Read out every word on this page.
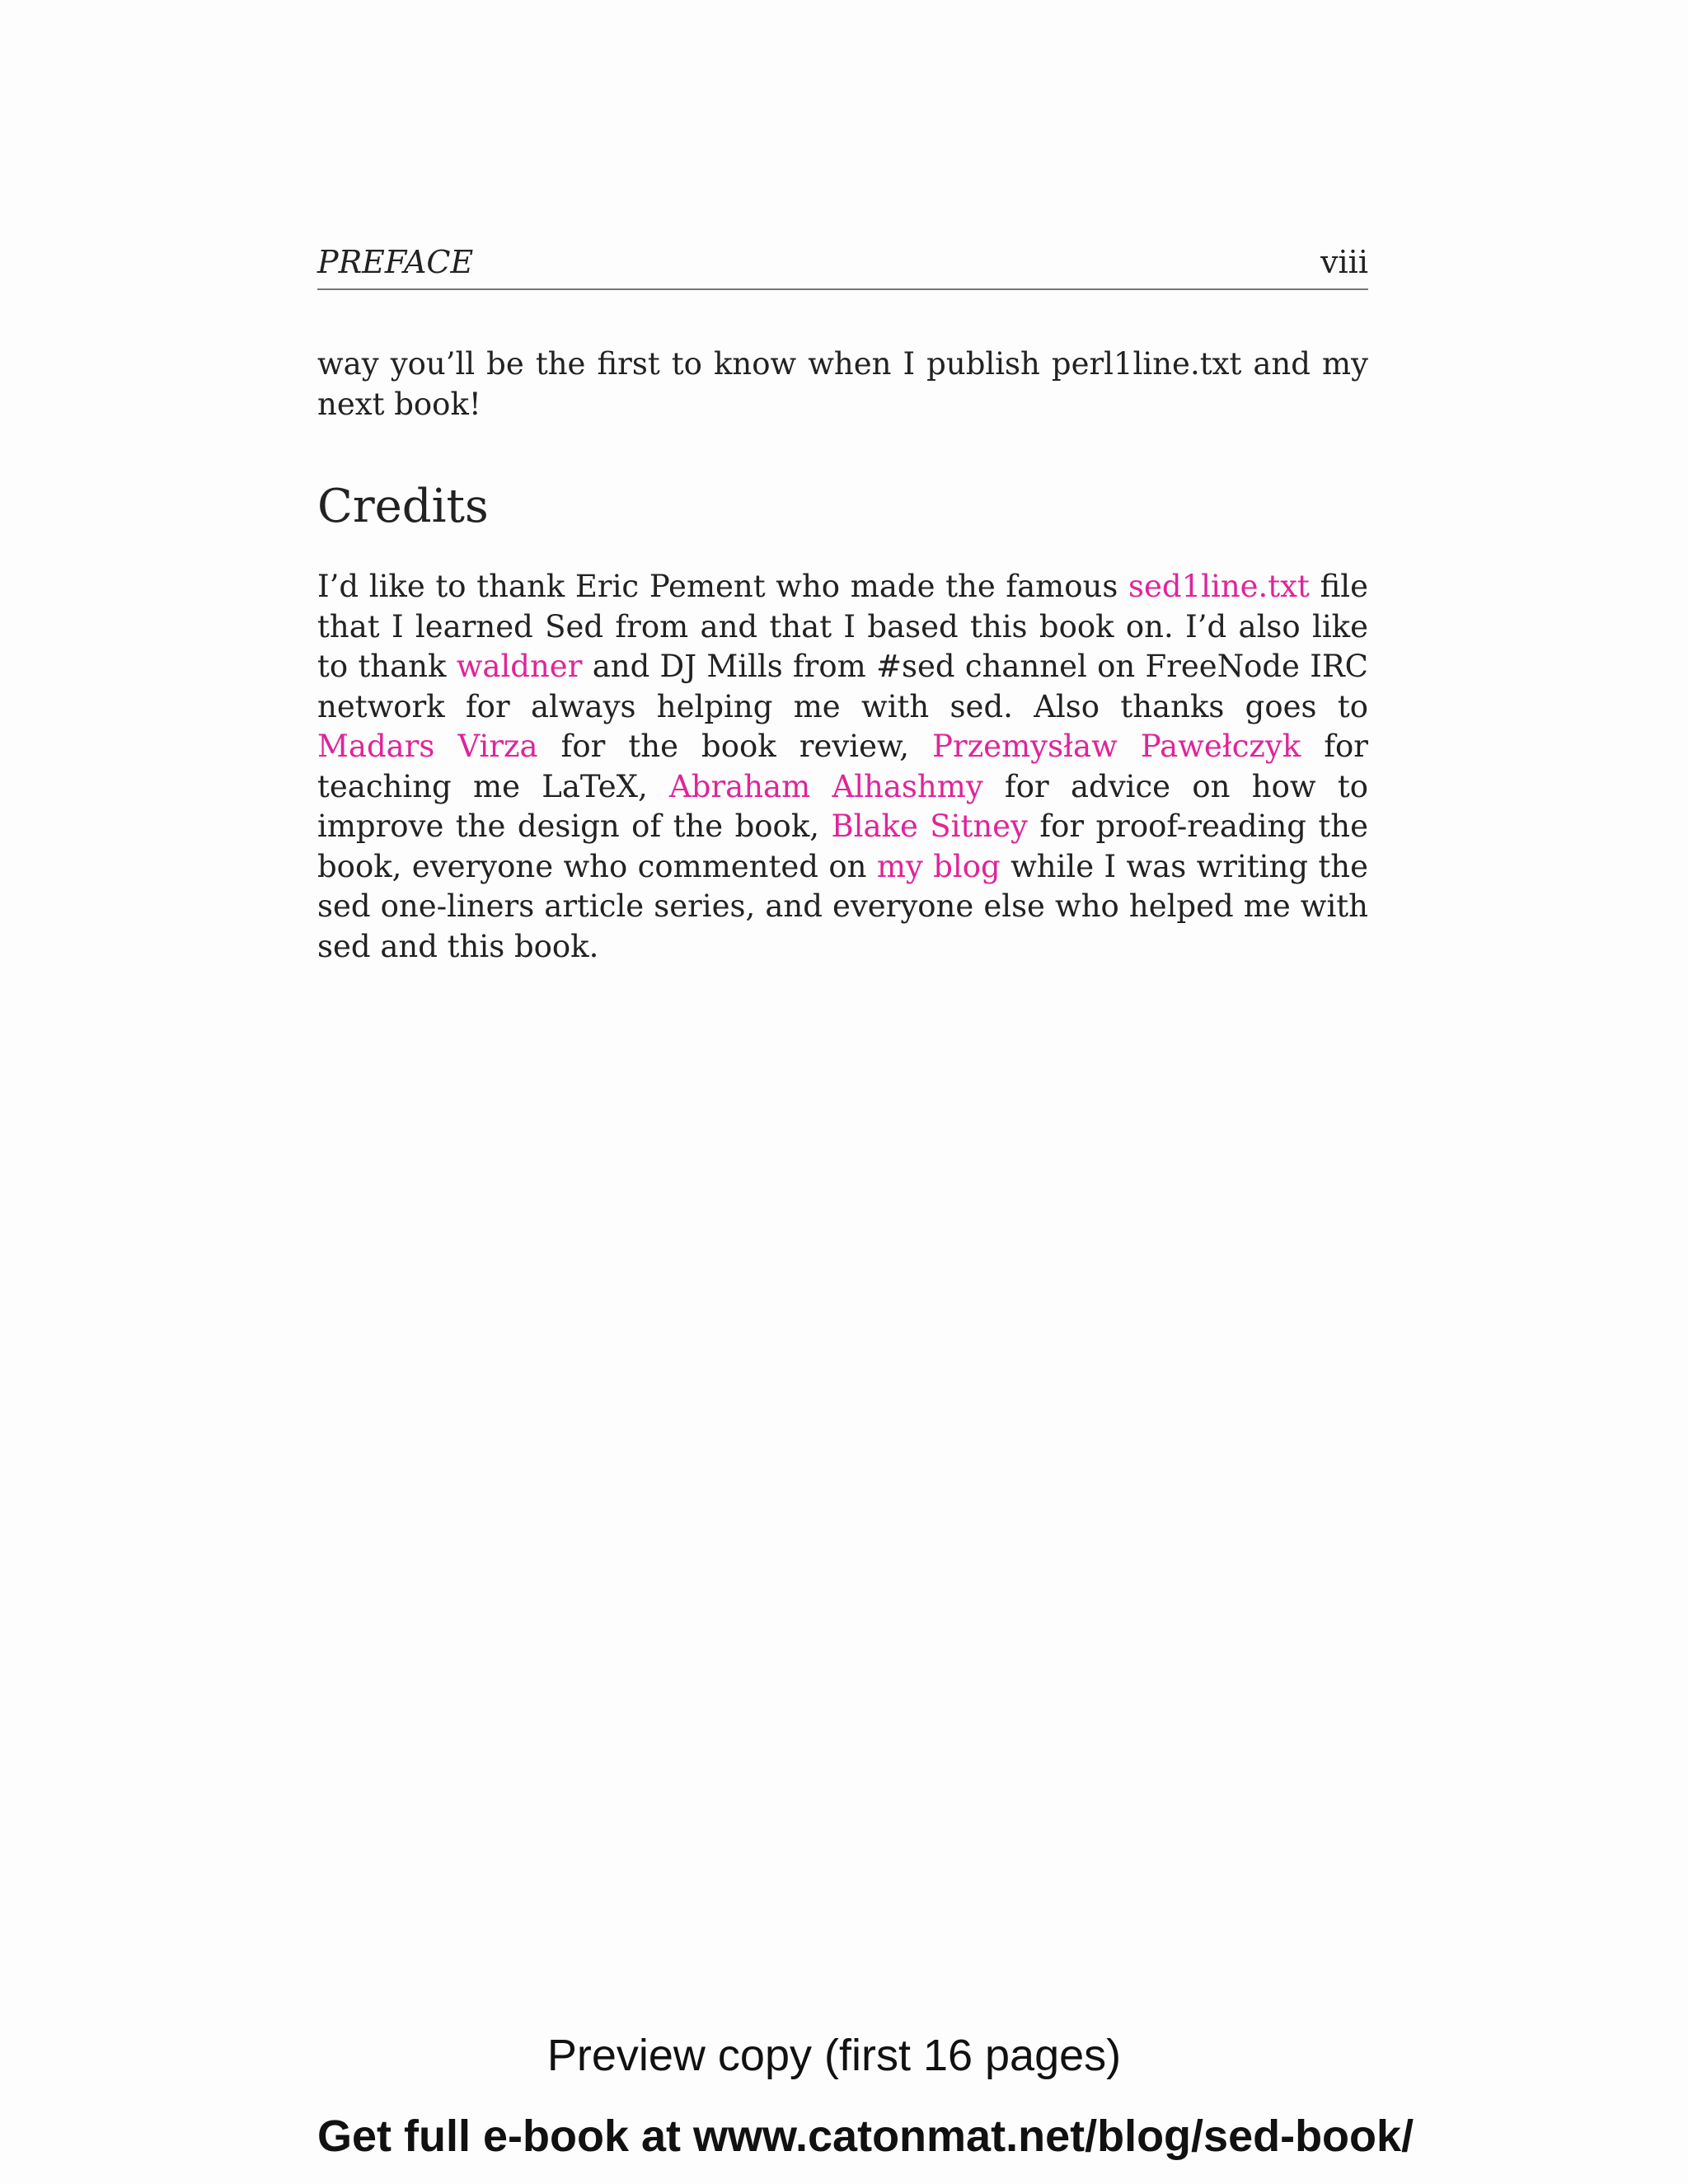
PREFACE	viii

way you’ll be the first to know when I publish perl1line.txt and my next book!

Credits

I’d like to thank Eric Pement who made the famous sed1line.txt file that I learned Sed from and that I based this book on. I’d also like to thank waldner and DJ Mills from #sed channel on FreeNode IRC network for always helping me with sed. Also thanks goes to Madars Virza for the book review, Przemysław Pawełczyk for teaching me LaTeX, Abraham Alhashmy for advice on how to improve the design of the book, Blake Sitney for proof-reading the book, everyone who commented on my blog while I was writing the sed one-liners article series, and everyone else who helped me with sed and this book.

Preview copy (first 16 pages)
Get full e-book at www.catonmat.net/blog/sed-book/
